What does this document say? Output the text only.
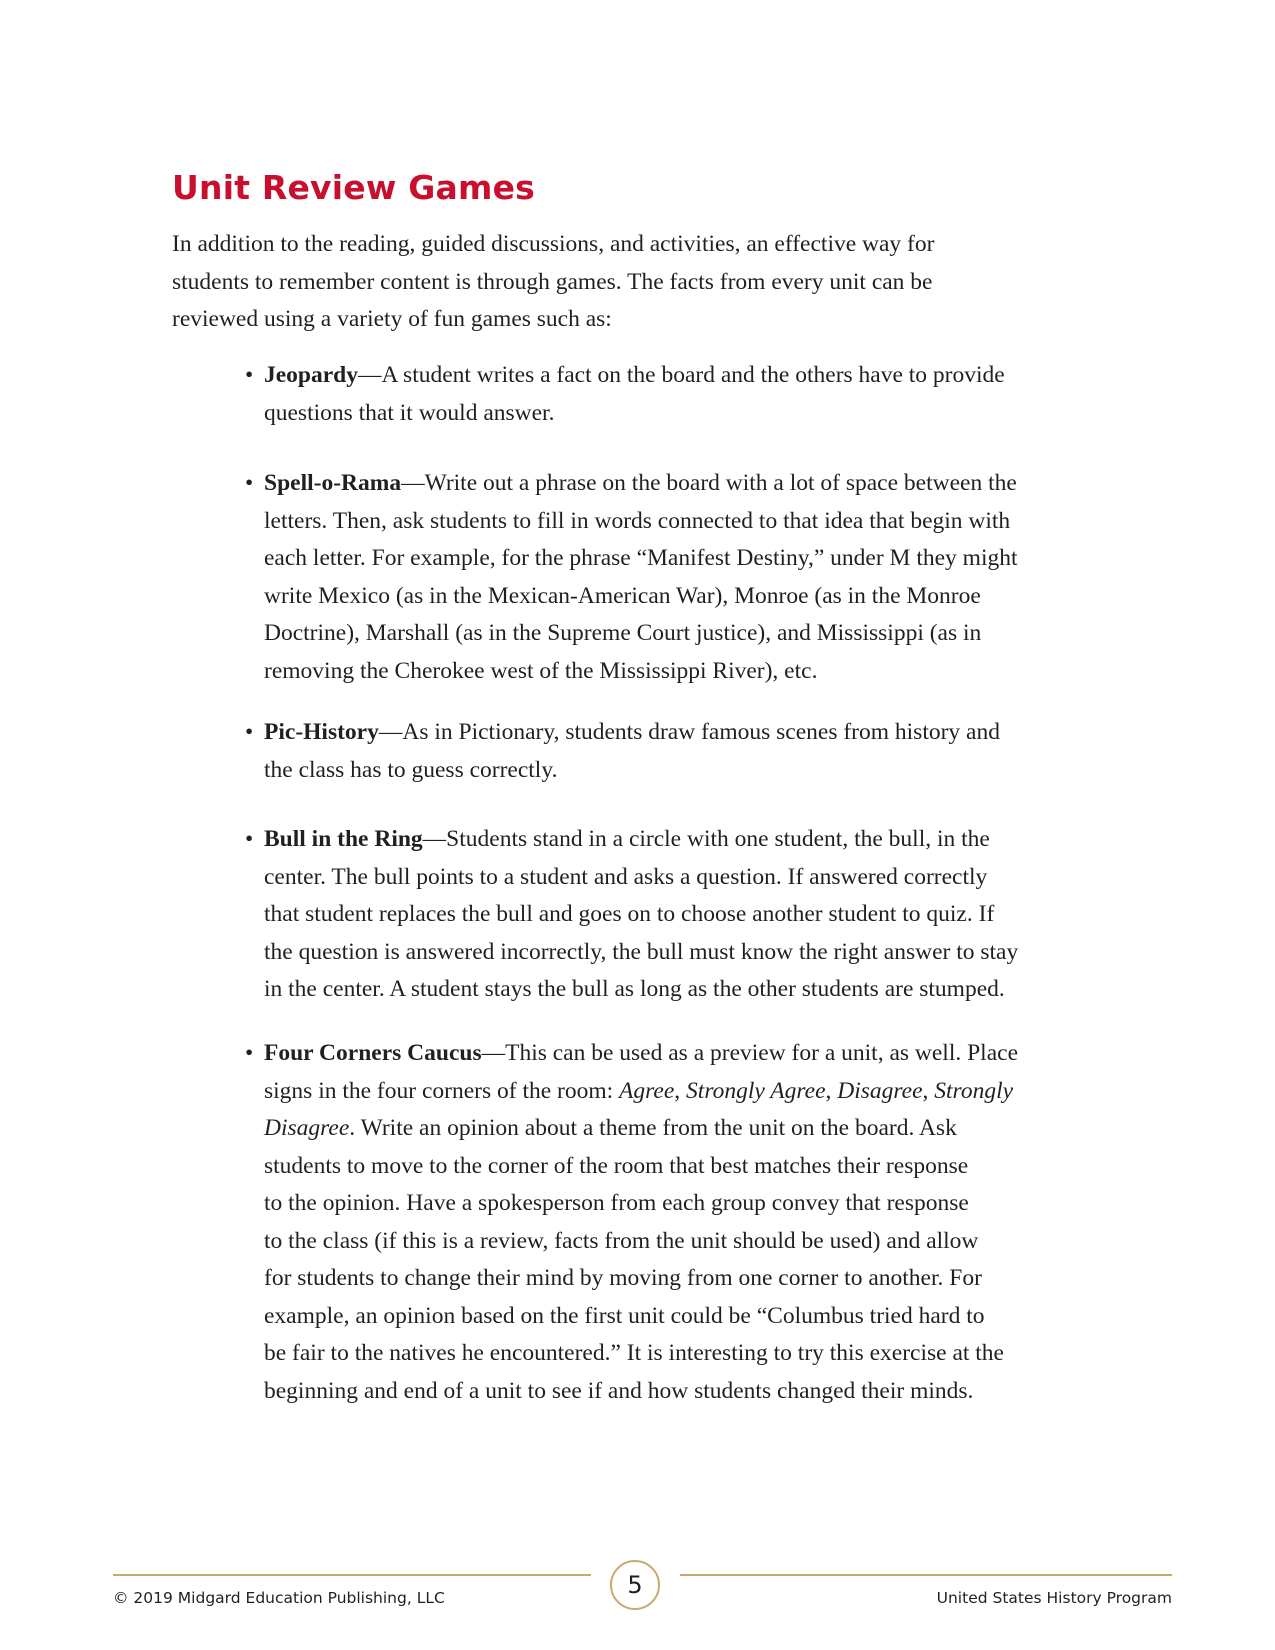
Unit Review Games

In addition to the reading, guided discussions, and activities, an effective way for
students to remember content is through games. The facts from every unit can be
reviewed using a variety of fun games such as:

• Jeopardy—A student writes a fact on the board and the others have to provide
questions that it would answer.
• Spell-o-Rama—Write out a phrase on the board with a lot of space between the
letters. Then, ask students to fill in words connected to that idea that begin with
each letter. For example, for the phrase “Manifest Destiny,” under M they might
write Mexico (as in the Mexican-American War), Monroe (as in the Monroe
Doctrine), Marshall (as in the Supreme Court justice), and Mississippi (as in
removing the Cherokee west of the Mississippi River), etc.
• Pic-History—As in Pictionary, students draw famous scenes from history and
the class has to guess correctly.
• Bull in the Ring—Students stand in a circle with one student, the bull, in the
center. The bull points to a student and asks a question. If answered correctly
that student replaces the bull and goes on to choose another student to quiz. If
the question is answered incorrectly, the bull must know the right answer to stay
in the center. A student stays the bull as long as the other students are stumped.
• Four Corners Caucus—This can be used as a preview for a unit, as well. Place
signs in the four corners of the room: Agree, Strongly Agree, Disagree, Strongly
Disagree. Write an opinion about a theme from the unit on the board. Ask
students to move to the corner of the room that best matches their response
to the opinion. Have a spokesperson from each group convey that response
to the class (if this is a review, facts from the unit should be used) and allow
for students to change their mind by moving from one corner to another. For
example, an opinion based on the first unit could be “Columbus tried hard to
be fair to the natives he encountered.” It is interesting to try this exercise at the
beginning and end of a unit to see if and how students changed their minds.
5
© 2019 Midgard Education Publishing, LLC	United States History Program
